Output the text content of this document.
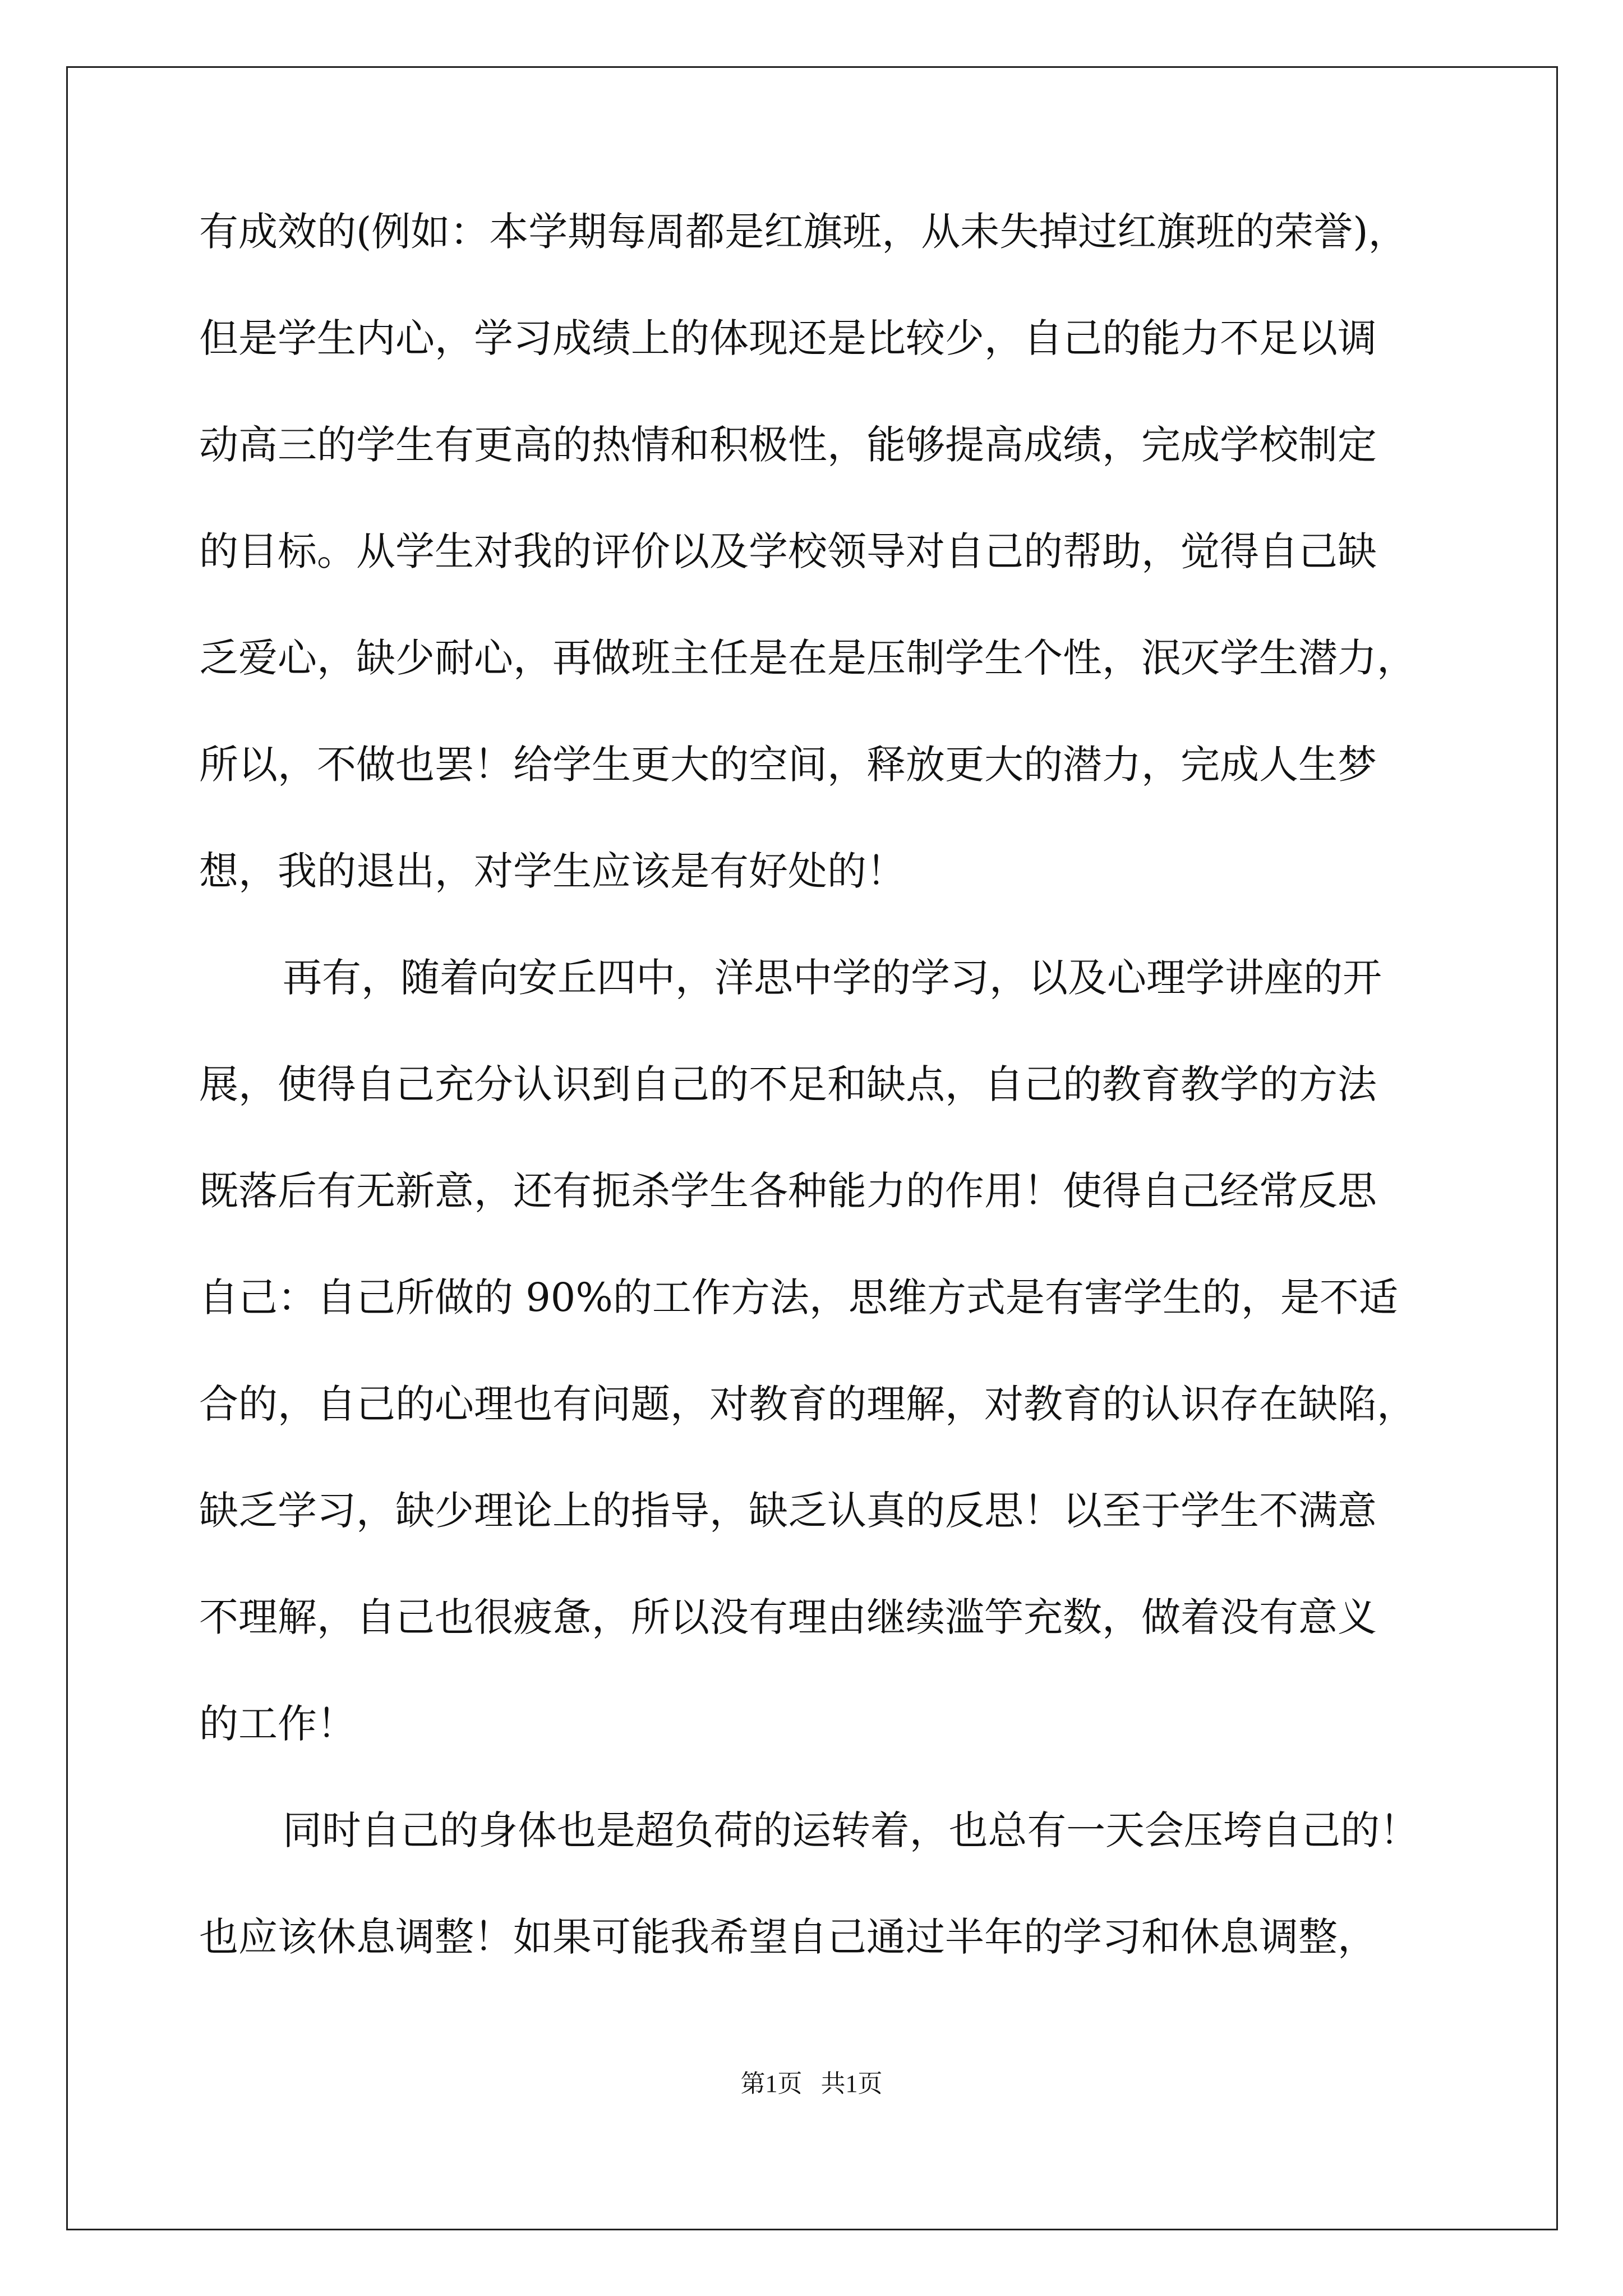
有成效的(例如：本学期每周都是红旗班，从未失掉过红旗班的荣誉)，
但是学生内心，学习成绩上的体现还是比较少，自己的能力不足以调
动高三的学生有更高的热情和积极性，能够提高成绩，完成学校制定
的目标。从学生对我的评价以及学校领导对自己的帮助，觉得自己缺
乏爱心，缺少耐心，再做班主任是在是压制学生个性，泯灭学生潜力，
所以，不做也罢！给学生更大的空间，释放更大的潜力，完成人生梦
想，我的退出，对学生应该是有好处的！
再有，随着向安丘四中，洋思中学的学习，以及心理学讲座的开
展，使得自己充分认识到自己的不足和缺点，自己的教育教学的方法
既落后有无新意，还有扼杀学生各种能力的作用！使得自己经常反思
自己：自己所做的 90%的工作方法，思维方式是有害学生的，是不适
合的，自己的心理也有问题，对教育的理解，对教育的认识存在缺陷，
缺乏学习，缺少理论上的指导，缺乏认真的反思！以至于学生不满意
不理解，自己也很疲惫，所以没有理由继续滥竽充数，做着没有意义
的工作！
同时自己的身体也是超负荷的运转着，也总有一天会压垮自己的！
也应该休息调整！如果可能我希望自己通过半年的学习和休息调整，
第1页   共1页
